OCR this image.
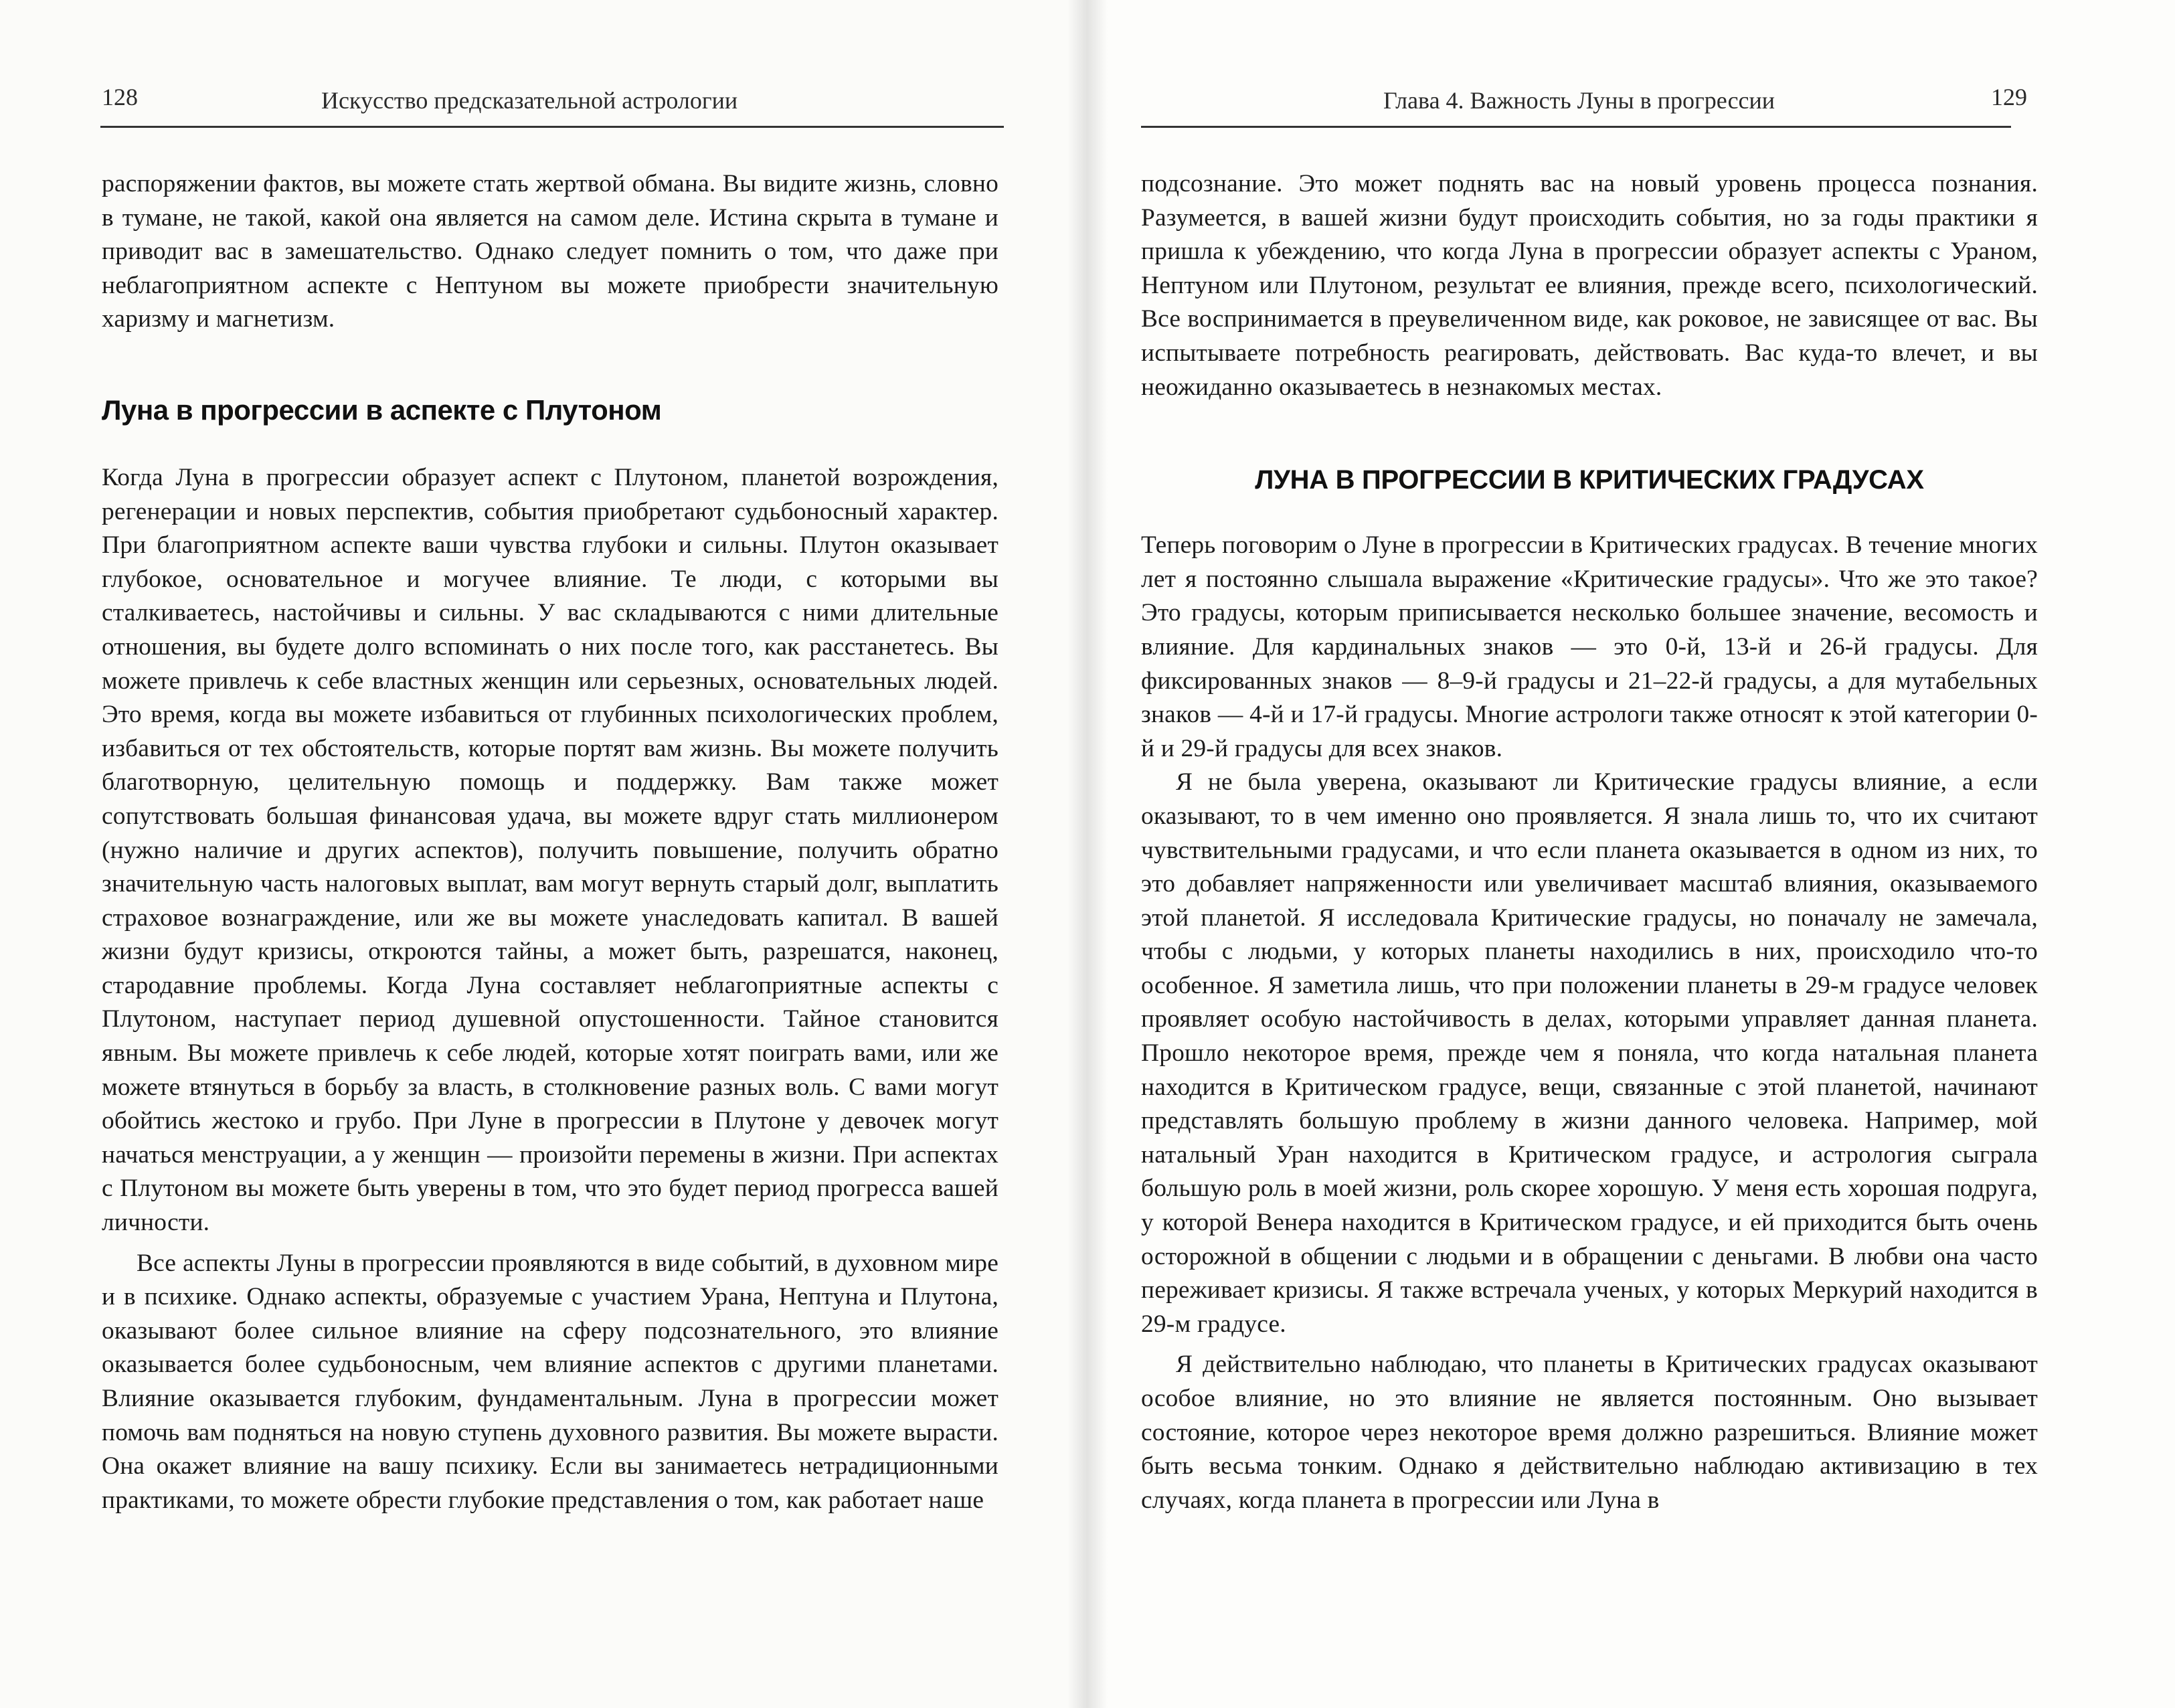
128	Искусство предсказательной астрологии

распоряжении фактов, вы можете стать жертвой обмана. Вы видите жизнь, словно в тумане, не такой, какой она является на самом деле. Истина скрыта в тумане и приводит вас в замешательство. Однако следует помнить о том, что даже при неблагоприятном аспекте с Нептуном вы можете приобрести значительную харизму и магнетизм.

Луна в прогрессии в аспекте с Плутоном

Когда Луна в прогрессии образует аспект с Плутоном, планетой возрождения, регенерации и новых перспектив, события приобретают судьбоносный характер. При благоприятном аспекте ваши чувства глубоки и сильны. Плутон оказывает глубокое, основательное и могучее влияние. Те люди, с которыми вы сталкиваетесь, настойчивы и сильны. У вас складываются с ними длительные отношения, вы будете долго вспоминать о них после того, как расстанетесь. Вы можете привлечь к себе властных женщин или серьезных, основательных людей. Это время, когда вы можете избавиться от глубинных психологических проблем, избавиться от тех обстоятельств, которые портят вам жизнь. Вы можете получить благотворную, целительную помощь и поддержку. Вам также может сопутствовать большая финансовая удача, вы можете вдруг стать миллионером (нужно наличие и других аспектов), получить повышение, получить обратно значительную часть налоговых выплат, вам могут вернуть старый долг, выплатить страховое вознаграждение, или же вы можете унаследовать капитал. В вашей жизни будут кризисы, откроются тайны, а может быть, разрешатся, наконец, стародавние проблемы. Когда Луна составляет неблагоприятные аспекты с Плутоном, наступает период душевной опустошенности. Тайное становится явным. Вы можете привлечь к себе людей, которые хотят поиграть вами, или же можете втянуться в борьбу за власть, в столкновение разных воль. С вами могут обойтись жестоко и грубо. При Луне в прогрессии в Плутоне у девочек могут начаться менструации, а у женщин — произойти перемены в жизни. При аспектах с Плутоном вы можете быть уверены в том, что это будет период прогресса вашей личности.

Все аспекты Луны в прогрессии проявляются в виде событий, в духовном мире и в психике. Однако аспекты, образуемые с участием Урана, Нептуна и Плутона, оказывают более сильное влияние на сферу подсознательного, это влияние оказывается более судьбоносным, чем влияние аспектов с другими планетами. Влияние оказывается глубоким, фундаментальным. Луна в прогрессии может помочь вам подняться на новую ступень духовного развития. Вы можете вырасти. Она окажет влияние на вашу психику. Если вы занимаетесь нетрадиционными практиками, то можете обрести глубокие представления о том, как работает наше

Глава 4. Важность Луны в прогрессии	129

подсознание. Это может поднять вас на новый уровень процесса познания. Разумеется, в вашей жизни будут происходить события, но за годы практики я пришла к убеждению, что когда Луна в прогрессии образует аспекты с Ураном, Нептуном или Плутоном, результат ее влияния, прежде всего, психологический. Все воспринимается в преувеличенном виде, как роковое, не зависящее от вас. Вы испытываете потребность реагировать, действовать. Вас куда-то влечет, и вы неожиданно оказываетесь в незнакомых местах.

ЛУНА В ПРОГРЕССИИ В КРИТИЧЕСКИХ ГРАДУСАХ

Теперь поговорим о Луне в прогрессии в Критических градусах. В течение многих лет я постоянно слышала выражение «Критические градусы». Что же это такое? Это градусы, которым приписывается несколько большее значение, весомость и влияние. Для кардинальных знаков — это 0-й, 13-й и 26-й градусы. Для фиксированных знаков — 8–9-й градусы и 21–22-й градусы, а для мутабельных знаков — 4-й и 17-й градусы. Многие астрологи также относят к этой категории 0-й и 29-й градусы для всех знаков.

Я не была уверена, оказывают ли Критические градусы влияние, а если оказывают, то в чем именно оно проявляется. Я знала лишь то, что их считают чувствительными градусами, и что если планета оказывается в одном из них, то это добавляет напряженности или увеличивает масштаб влияния, оказываемого этой планетой. Я исследовала Критические градусы, но поначалу не замечала, чтобы с людьми, у которых планеты находились в них, происходило что-то особенное. Я заметила лишь, что при положении планеты в 29-м градусе человек проявляет особую настойчивость в делах, которыми управляет данная планета. Прошло некоторое время, прежде чем я поняла, что когда натальная планета находится в Критическом градусе, вещи, связанные с этой планетой, начинают представлять большую проблему в жизни данного человека. Например, мой натальный Уран находится в Критическом градусе, и астрология сыграла большую роль в моей жизни, роль скорее хорошую. У меня есть хорошая подруга, у которой Венера находится в Критическом градусе, и ей приходится быть очень осторожной в общении с людьми и в обращении с деньгами. В любви она часто переживает кризисы. Я также встречала ученых, у которых Меркурий находится в 29-м градусе.

Я действительно наблюдаю, что планеты в Критических градусах оказывают особое влияние, но это влияние не является постоянным. Оно вызывает состояние, которое через некоторое время должно разрешиться. Влияние может быть весьма тонким. Однако я действительно наблюдаю активизацию в тех случаях, когда планета в прогрессии или Луна в
